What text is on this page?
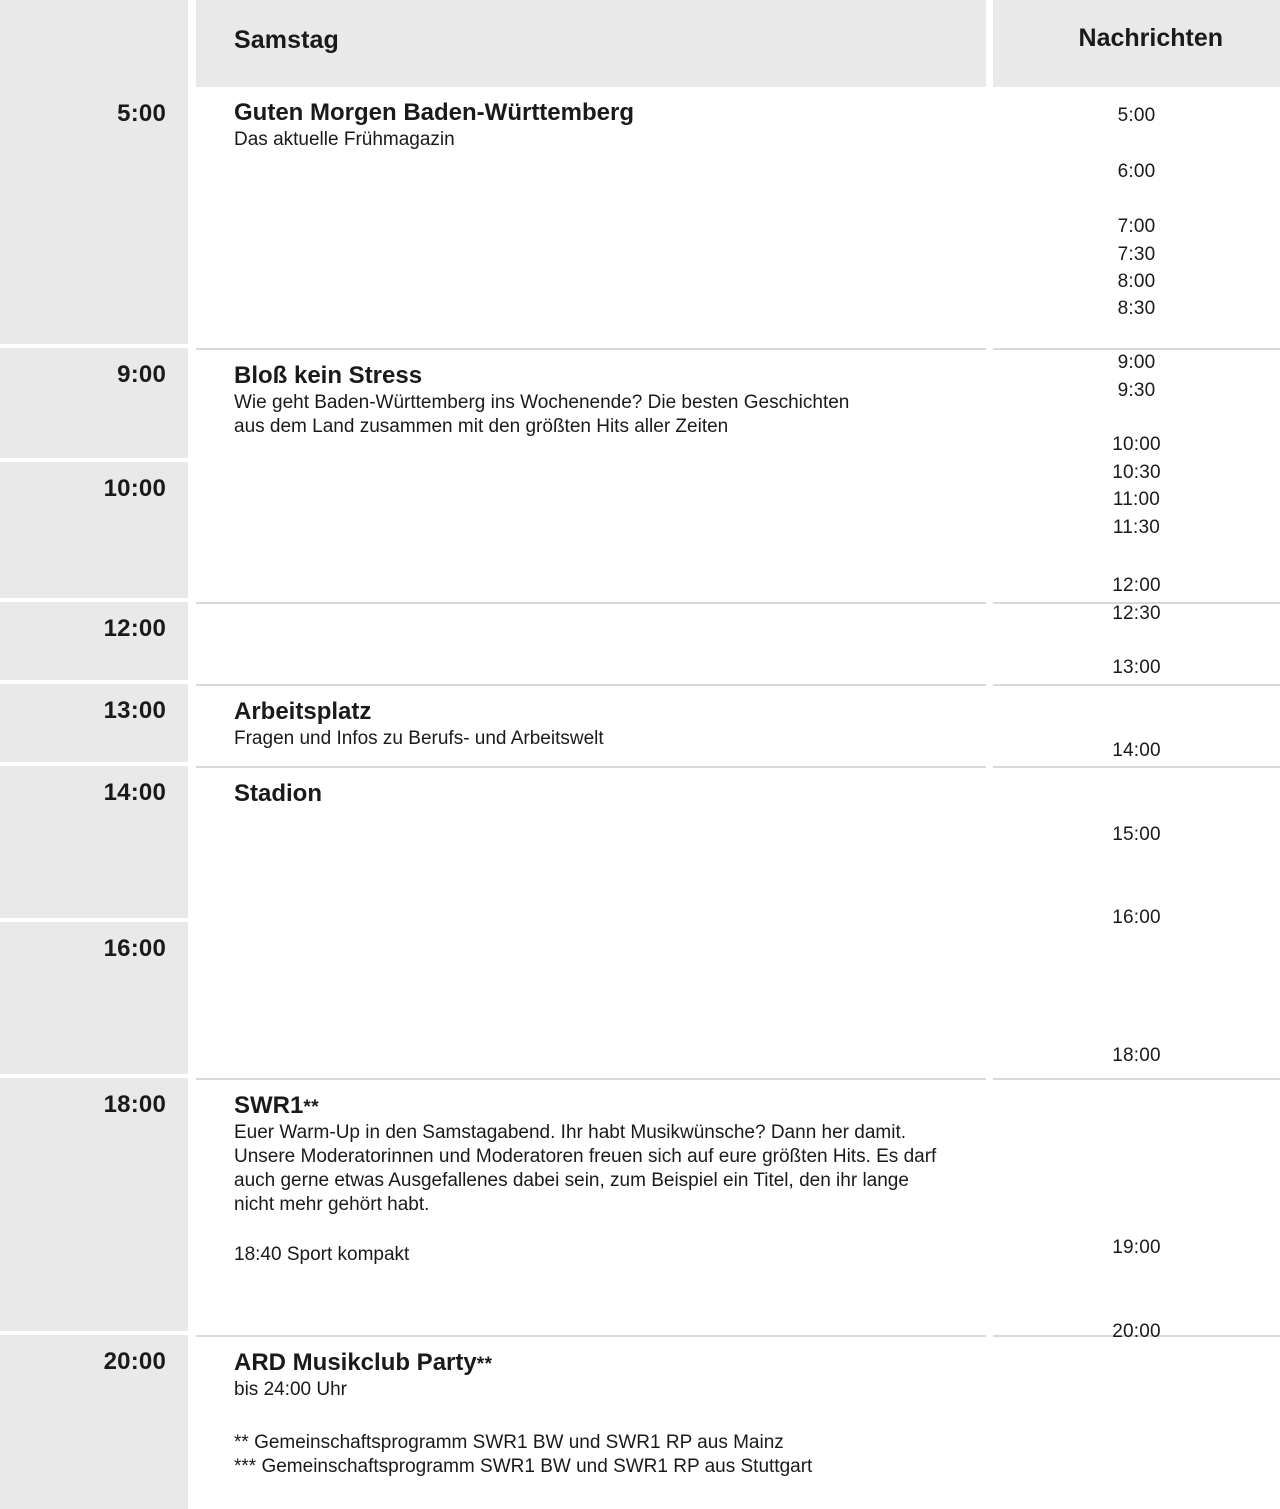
Samstag	Nachrichten
5:00
9:00
10:00
12:00
13:00
14:00
16:00
18:00
20:00
Guten Morgen Baden-Württemberg
Das aktuelle Frühmagazin
Bloß kein Stress
Wie geht Baden-Württemberg ins Wochenende? Die besten Geschichten aus dem Land zusammen mit den größten Hits aller Zeiten
Arbeitsplatz
Fragen und Infos zu Berufs- und Arbeitswelt
Stadion
SWR1**
Euer Warm-Up in den Samstagabend. Ihr habt Musikwünsche? Dann her damit. Unsere Moderatorinnen und Moderatoren freuen sich auf eure größten Hits. Es darf auch gerne etwas Ausgefallenes dabei sein, zum Beispiel ein Titel, den ihr lange nicht mehr gehört habt.
18:40 Sport kompakt
ARD Musikclub Party**
bis 24:00 Uhr
** Gemeinschaftsprogramm SWR1 BW und SWR1 RP aus Mainz
*** Gemeinschaftsprogramm SWR1 BW und SWR1 RP aus Stuttgart
5:00
6:00
7:00
7:30
8:00
8:30
9:00
9:30
10:00
10:30
11:00
11:30
12:00
12:30
13:00
14:00
15:00
16:00
18:00
19:00
20:00
